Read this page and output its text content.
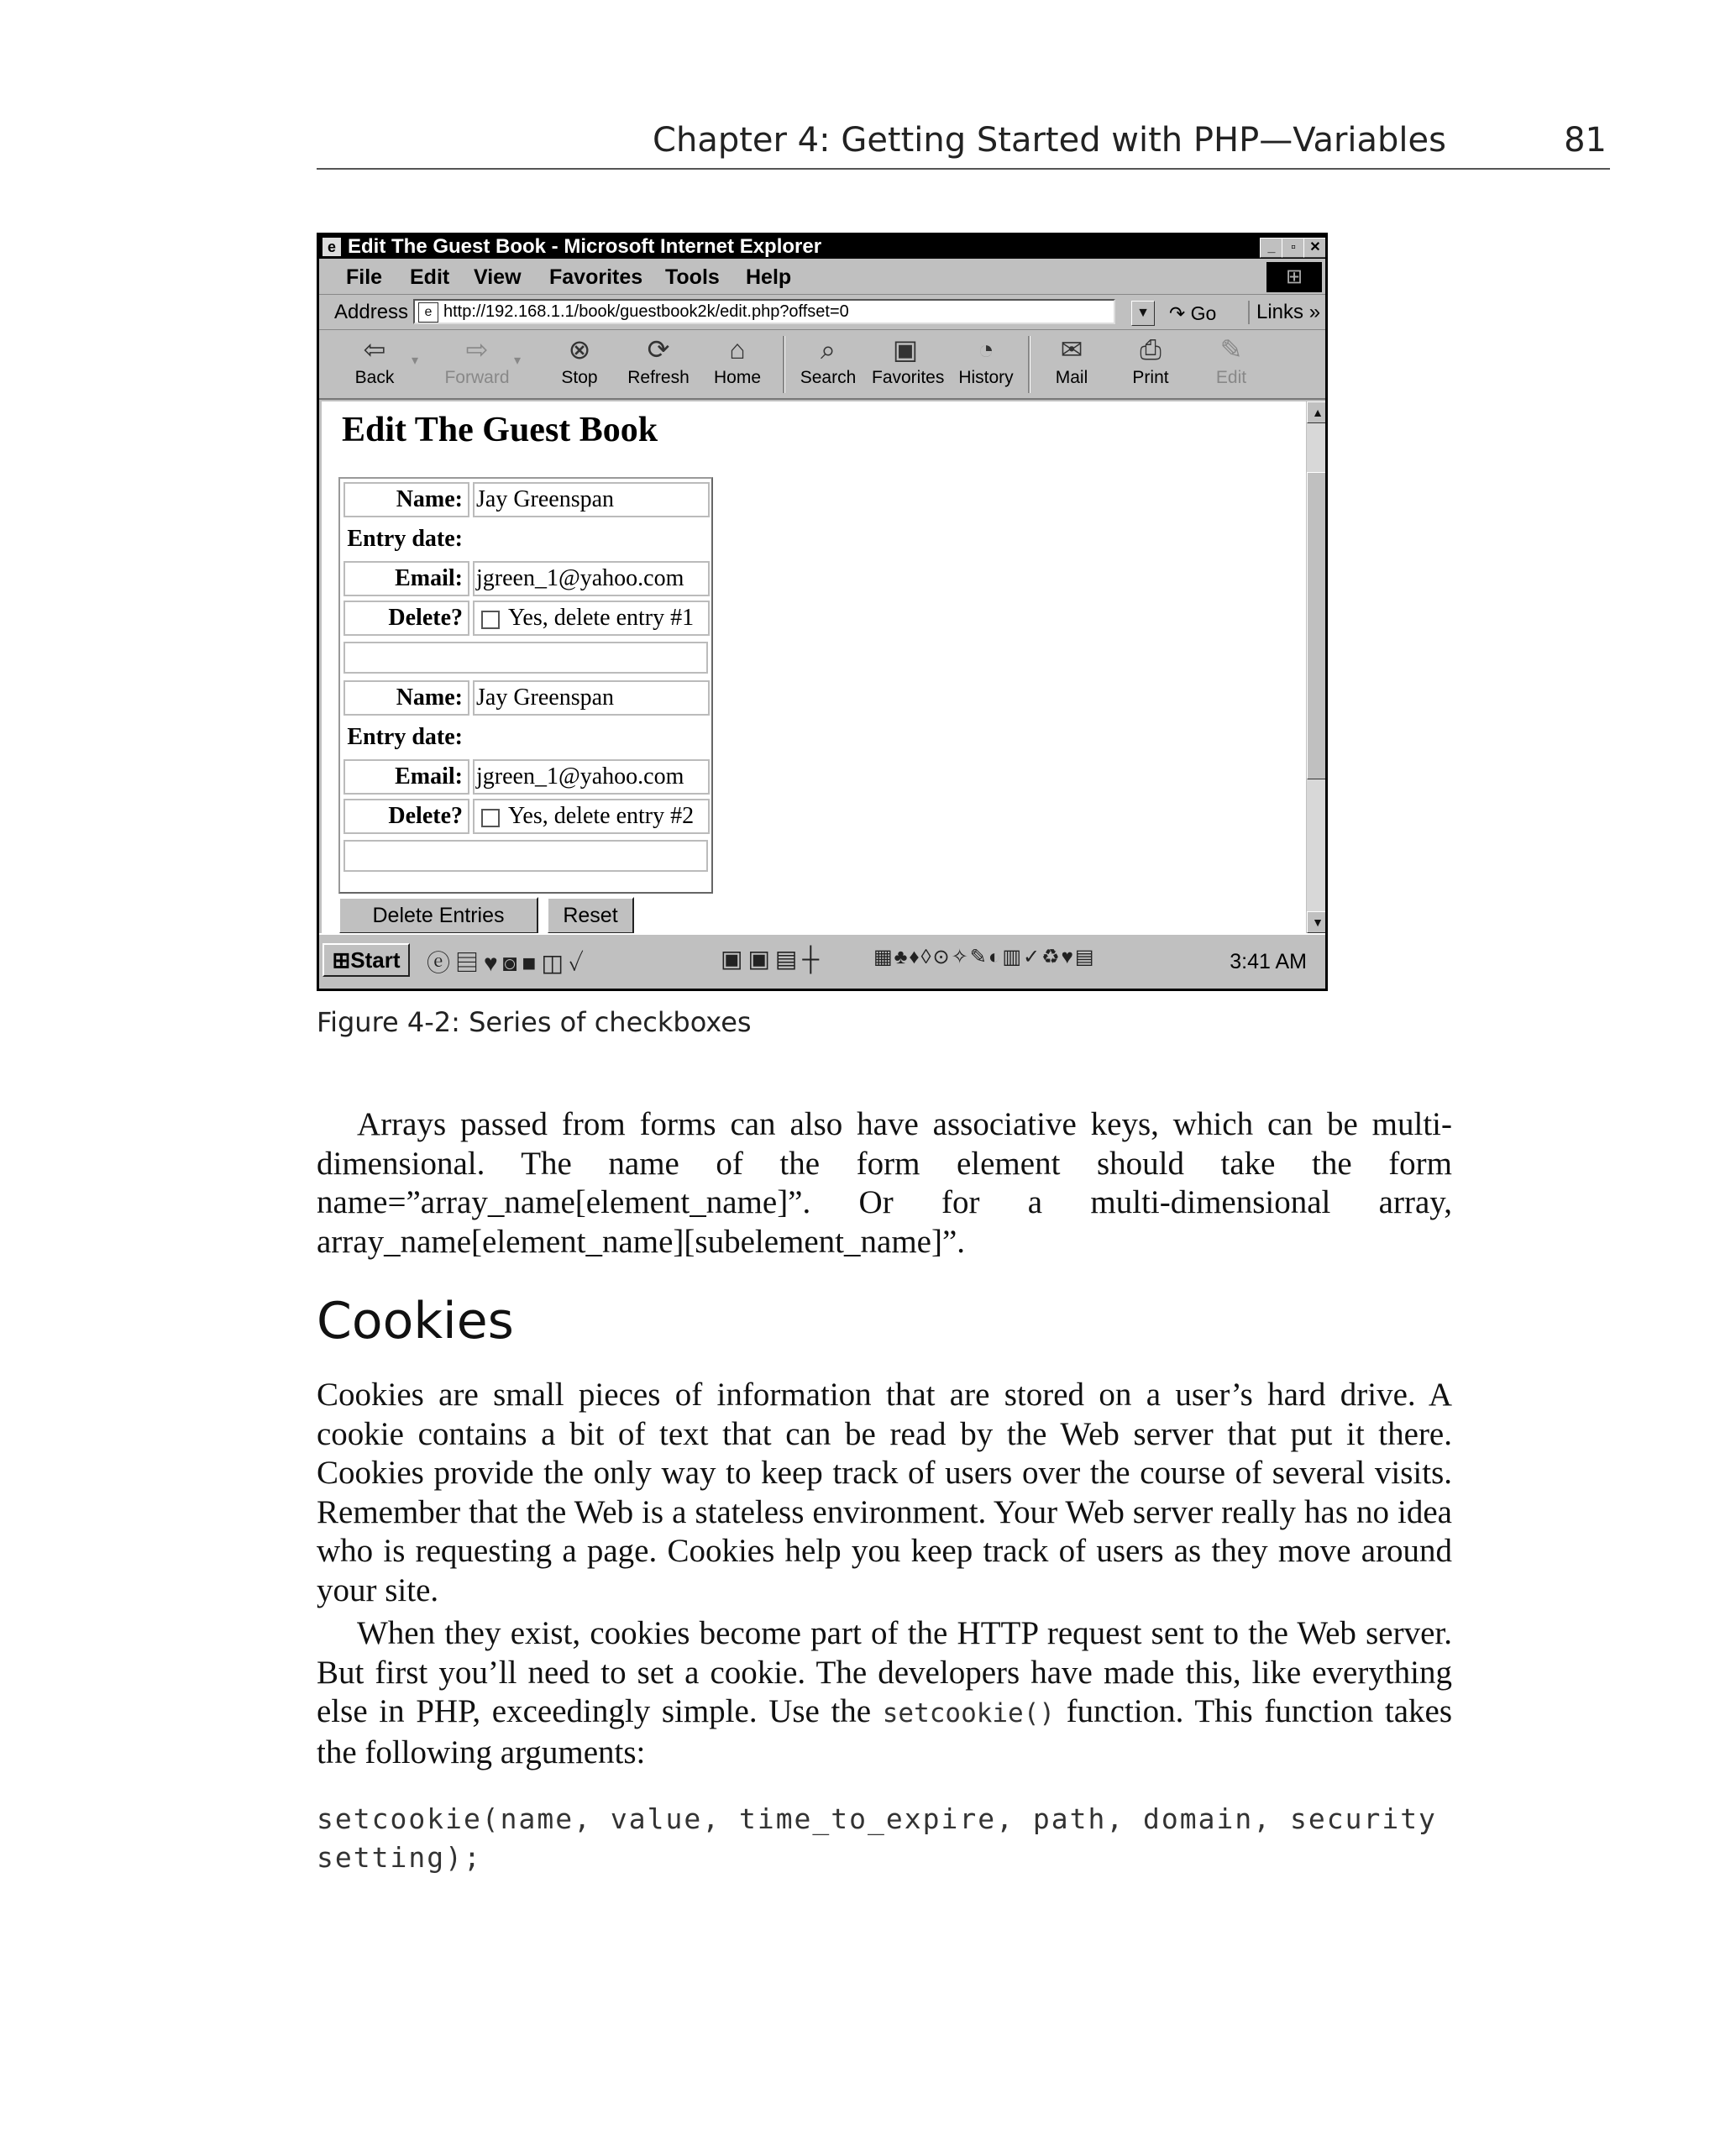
Chapter 4: Getting Started with PHP—Variables	81
e Edit The Guest Book - Microsoft Internet Explorer	_	▫	✕
File Edit View Favorites Tools Help	⊞
Address	e http://192.168.1.1/book/guestbook2k/edit.php?offset=0	▼ ↷ Go	Links »
⇦
Back
▾	⇨
Forward
▾	⊗
Stop
⟳
Refresh
⌂
Home
⌕
Search
▣
Favorites
◔
History
✉
Mail
⎙
Print
✎
Edit
Edit The Guest Book
Name: Jay Greenspan
Entry date:
Email: jgreen_1@yahoo.com
Delete?	Yes, delete entry #1
Name: Jay Greenspan
Entry date:
Email: jgreen_1@yahoo.com
Delete?	Yes, delete entry #2
Delete Entries	Reset
▲
▼
⊞Start	ⓔ▤♥◙■◫✓	▣▣▤┼ ▦♣♦◊⊙✧✎◐▥✓♻♥▤	3:41 AM
Figure 4-2: Series of checkboxes

Arrays passed from forms can also have associative keys, which can be multi-dimensional. The name of the form element should take the form name=”array_name[element_name]”. Or for a multi-dimensional array, array_name[element_name][subelement_name]”.

Cookies

Cookies are small pieces of information that are stored on a user’s hard drive. A cookie contains a bit of text that can be read by the Web server that put it there. Cookies provide the only way to keep track of users over the course of several visits. Remember that the Web is a stateless environment. Your Web server really has no idea who is requesting a page. Cookies help you keep track of users as they move around your site.

When they exist, cookies become part of the HTTP request sent to the Web server. But first you’ll need to set a cookie. The developers have made this, like everything else in PHP, exceedingly simple. Use the setcookie() function. This function takes the following arguments:

setcookie(name, value, time_to_expire, path, domain, security
setting);
